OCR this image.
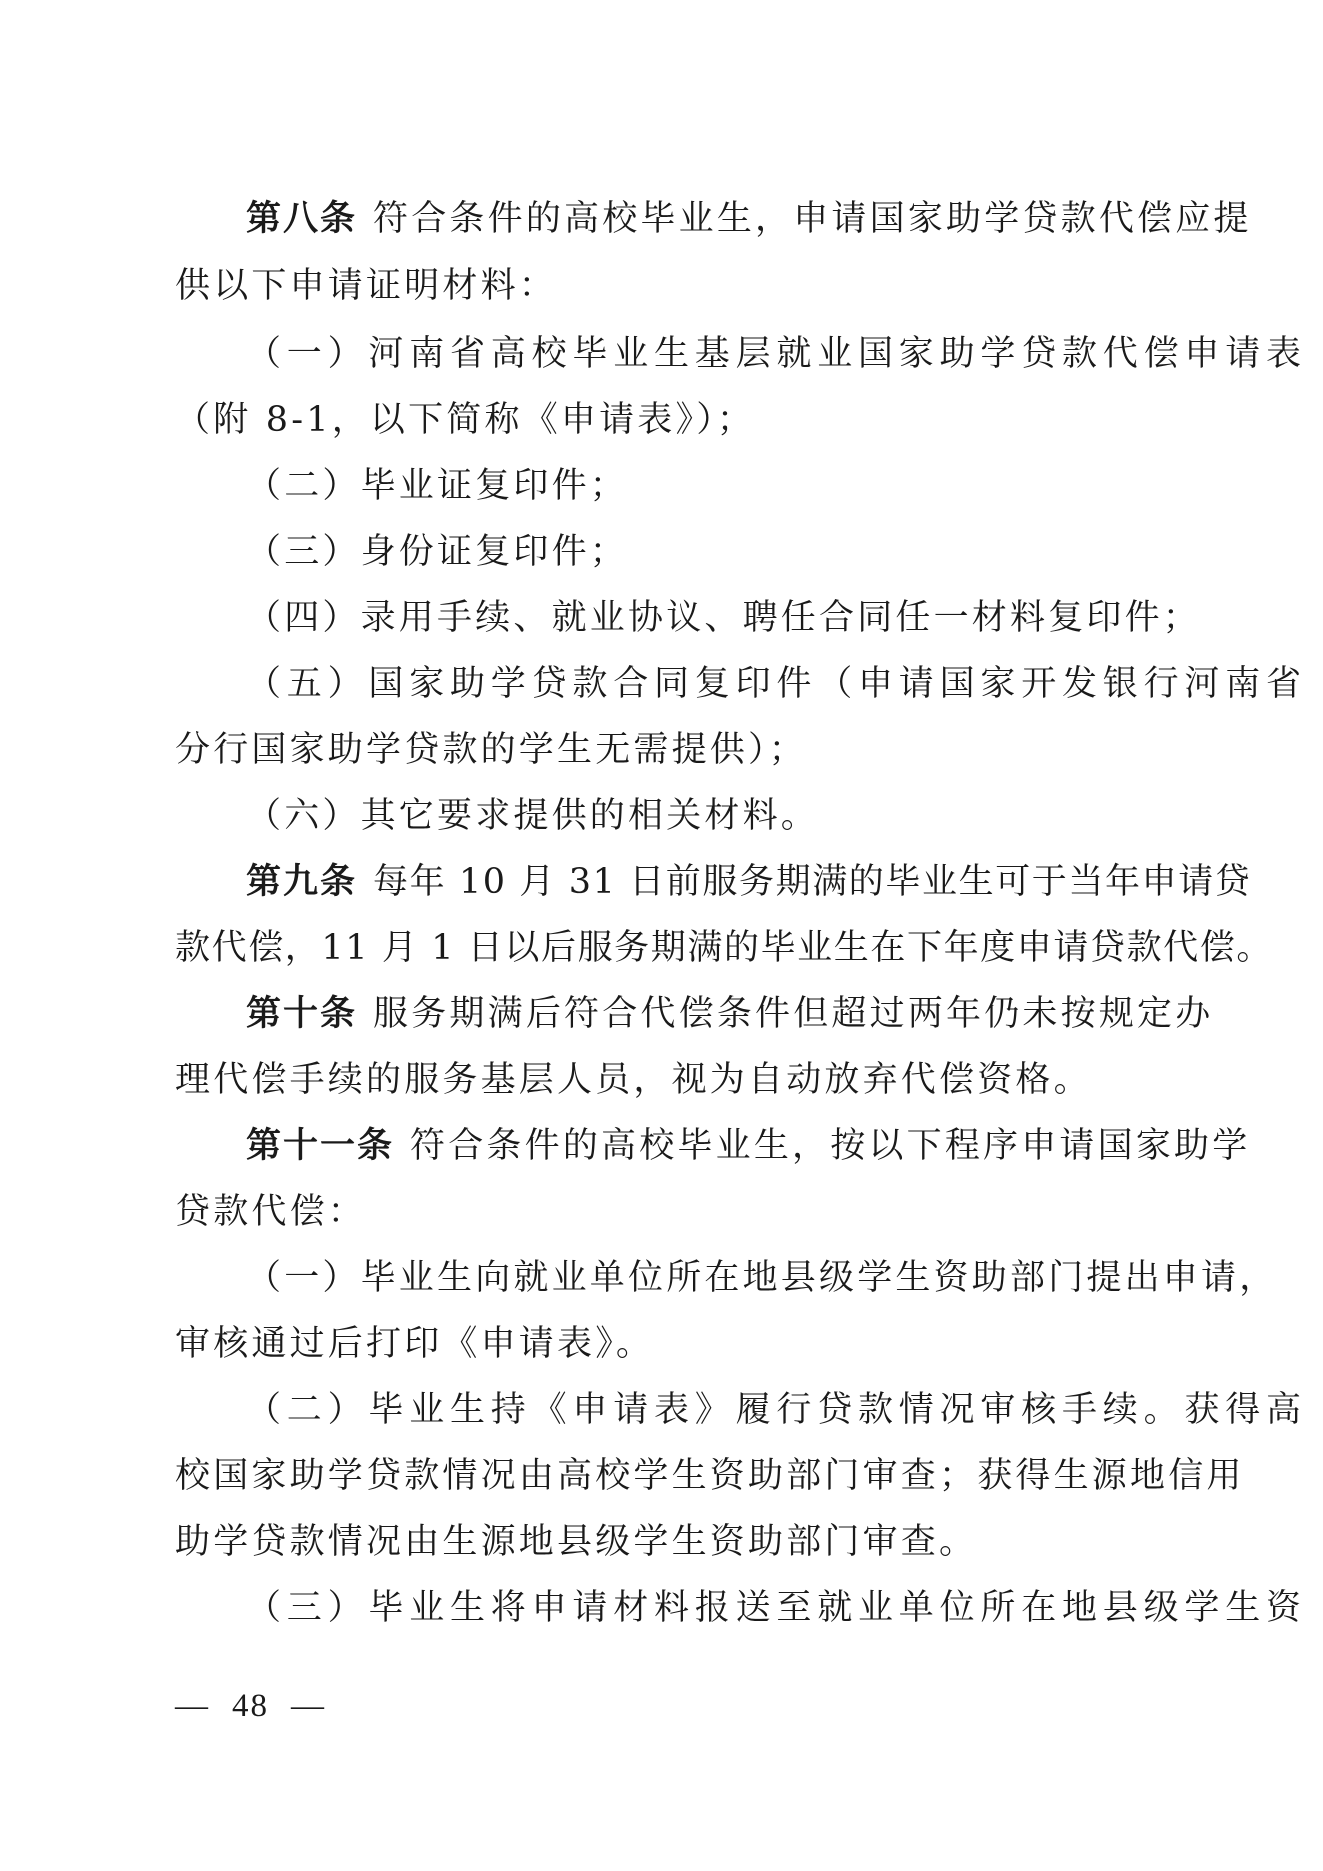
第八条 符合条件的高校毕业生，申请国家助学贷款代偿应提
供以下申请证明材料：
（一）河南省高校毕业生基层就业国家助学贷款代偿申请表
（附 8-1，以下简称《申请表》）；
（二）毕业证复印件；
（三）身份证复印件；
（四）录用手续、就业协议、聘任合同任一材料复印件；
（五）国家助学贷款合同复印件（申请国家开发银行河南省
分行国家助学贷款的学生无需提供）；
（六）其它要求提供的相关材料。
第九条 每年 10 月 31 日前服务期满的毕业生可于当年申请贷
款代偿，11 月 1 日以后服务期满的毕业生在下年度申请贷款代偿。
第十条 服务期满后符合代偿条件但超过两年仍未按规定办
理代偿手续的服务基层人员，视为自动放弃代偿资格。
第十一条 符合条件的高校毕业生，按以下程序申请国家助学
贷款代偿：
（一）毕业生向就业单位所在地县级学生资助部门提出申请，
审核通过后打印《申请表》。
（二）毕业生持《申请表》履行贷款情况审核手续。获得高
校国家助学贷款情况由高校学生资助部门审查；获得生源地信用
助学贷款情况由生源地县级学生资助部门审查。
（三）毕业生将申请材料报送至就业单位所在地县级学生资
— 48 —
